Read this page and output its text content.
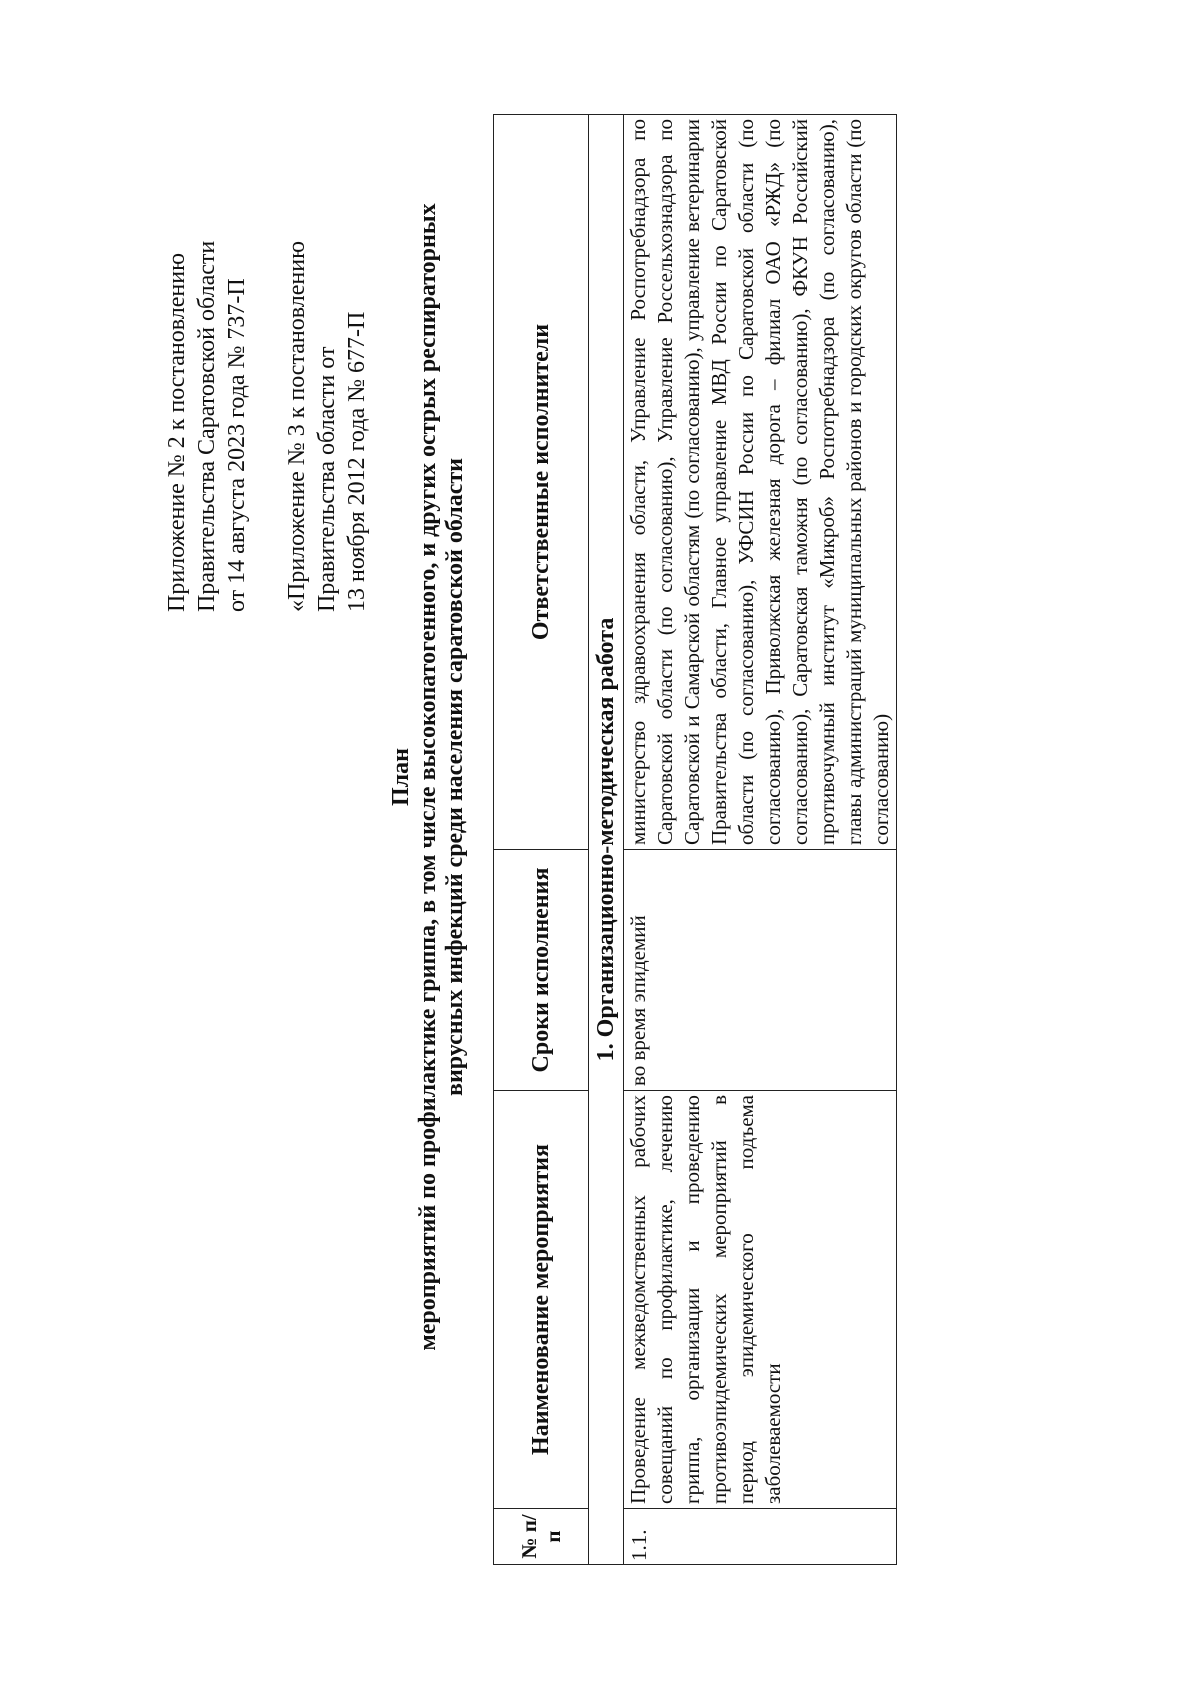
Приложение № 2 к постановлению Правительства Саратовской области от 14 августа 2023 года № 737-П «Приложение № 3 к постановлению Правительства области от 13 ноября 2012 года № 677-П
План мероприятий по профилактике гриппа, в том числе высокопатогенного, и других острых респираторных вирусных инфекций среди населения саратовской области
№ п/п	Наименование мероприятия	Сроки исполнения	Ответственные исполнители
1. Организационно-методическая работа			
1.1.	Проведение межведомственных рабочих совещаний по профилактике, лечению гриппа, организации и проведению противоэпидемических мероприятий в период эпидемического подъема заболеваемости	во время эпидемий	министерство здравоохранения области, Управление Роспотребнадзора по Саратовской области (по согласованию), Управление Россельхознадзора по Саратовской и Самарской областям (по согласованию), управление ветеринарии Правительства области, Главное управление МВД России по Саратовской области (по согласованию), УФСИН России по Саратовской области (по согласованию), Приволжская железная дорога – филиал ОАО «РЖД» (по согласованию), Саратовская таможня (по согласованию), ФКУН Российский противочумный институт «Микроб» Роспотребнадзора (по согласованию), главы администраций муниципальных районов и городских округов области (по согласованию)
